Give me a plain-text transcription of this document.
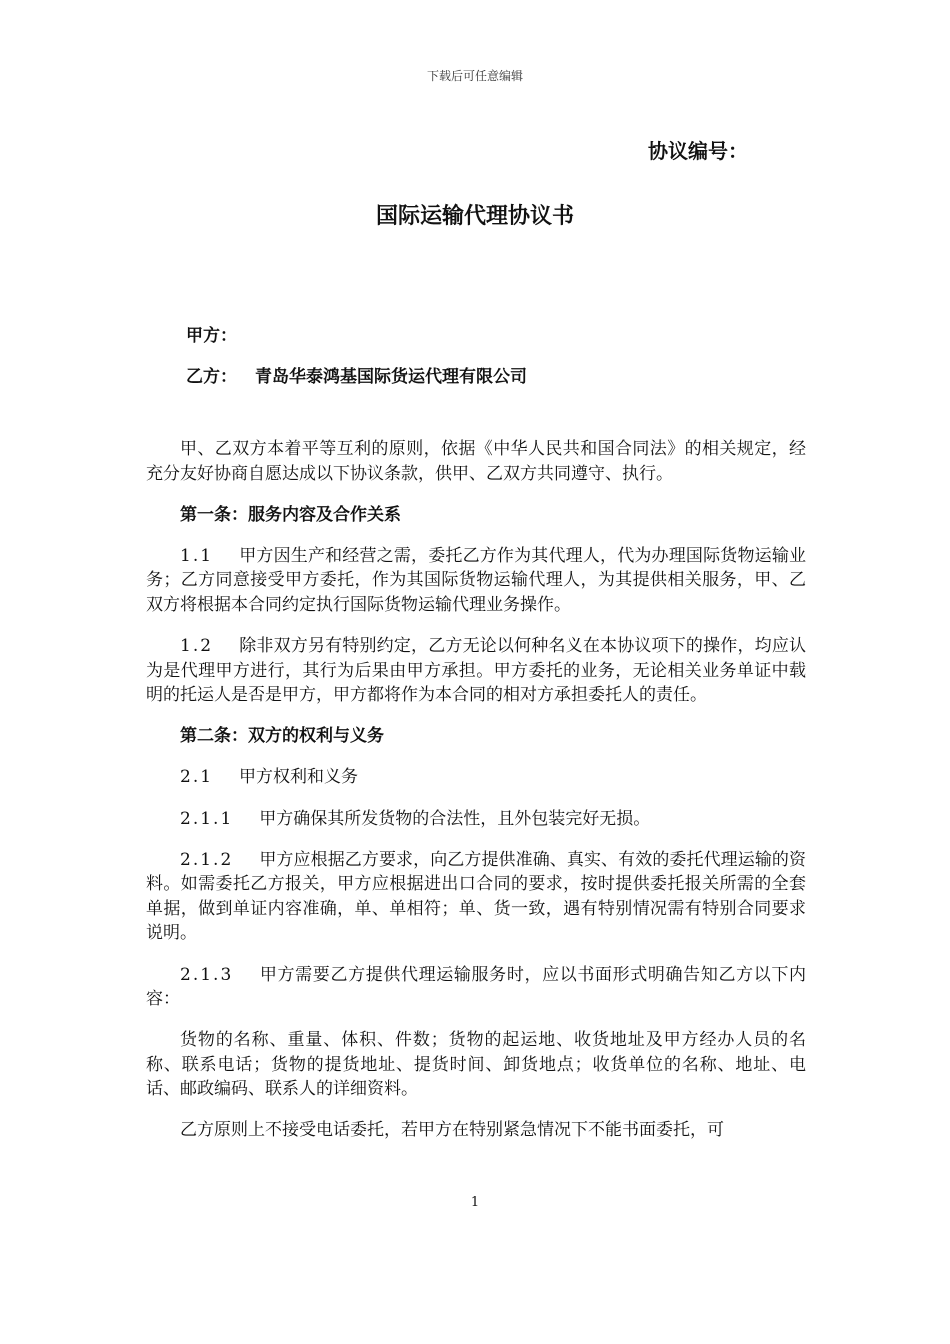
下载后可任意编辑
协议编号：
国际运输代理协议书
甲方：
乙方： 青岛华泰鸿基国际货运代理有限公司

甲、乙双方本着平等互利的原则，依据《中华人民共和国合同法》的相关规定，经充分友好协商自愿达成以下协议条款，供甲、乙双方共同遵守、执行。

第一条：服务内容及合作关系

1.1 甲方因生产和经营之需，委托乙方作为其代理人，代为办理国际货物运输业务；乙方同意接受甲方委托，作为其国际货物运输代理人，为其提供相关服务，甲、乙双方将根据本合同约定执行国际货物运输代理业务操作。

1.2 除非双方另有特别约定，乙方无论以何种名义在本协议项下的操作，均应认为是代理甲方进行，其行为后果由甲方承担。甲方委托的业务，无论相关业务单证中载明的托运人是否是甲方，甲方都将作为本合同的相对方承担委托人的责任。

第二条：双方的权利与义务

2.1 甲方权利和义务

2.1.1 甲方确保其所发货物的合法性，且外包装完好无损。

2.1.2 甲方应根据乙方要求，向乙方提供准确、真实、有效的委托代理运输的资料。如需委托乙方报关，甲方应根据进出口合同的要求，按时提供委托报关所需的全套单据，做到单证内容准确，单、单相符；单、货一致，遇有特别情况需有特别合同要求说明。

2.1.3 甲方需要乙方提供代理运输服务时，应以书面形式明确告知乙方以下内容：

货物的名称、重量、体积、件数；货物的起运地、收货地址及甲方经办人员的名称、联系电话；货物的提货地址、提货时间、卸货地点；收货单位的名称、地址、电话、邮政编码、联系人的详细资料。

乙方原则上不接受电话委托，若甲方在特别紧急情况下不能书面委托，可

1
